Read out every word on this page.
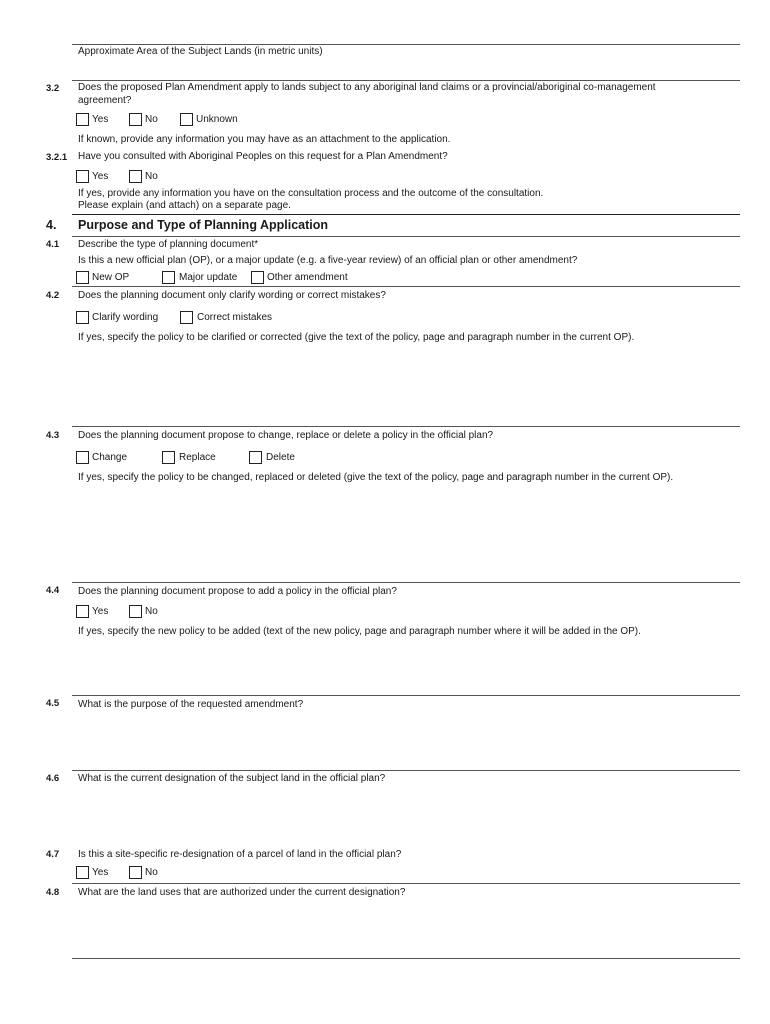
Approximate Area of the Subject Lands (in metric units)
3.2 Does the proposed Plan Amendment apply to lands subject to any aboriginal land claims or a provincial/aboriginal co-management
agreement?
Yes	No	Unknown
If known, provide any information you may have as an attachment to the application.
3.2.1 Have you consulted with Aboriginal Peoples on this request for a Plan Amendment?
Yes	No
If yes, provide any information you have on the consultation process and the outcome of the consultation.
Please explain (and attach) on a separate page.
4. Purpose and Type of Planning Application
4.1 Describe the type of planning document*
Is this a new official plan (OP), or a major update (e.g. a five-year review) of an official plan or other amendment?
New OP	Major update	Other amendment
4.2 Does the planning document only clarify wording or correct mistakes?
Clarify wording	Correct mistakes
If yes, specify the policy to be clarified or corrected (give the text of the policy, page and paragraph number in the current OP).
4.3 Does the planning document propose to change, replace or delete a policy in the official plan?
Change	Replace	Delete
If yes, specify the policy to be changed, replaced or deleted (give the text of the policy, page and paragraph number in the current OP).
4.4 Does the planning document propose to add a policy in the official plan?
Yes	No
If yes, specify the new policy to be added (text of the new policy, page and paragraph number where it will be added in the OP).
4.5 What is the purpose of the requested amendment?
4.6 What is the current designation of the subject land in the official plan?
4.7 Is this a site-specific re-designation of a parcel of land in the official plan?
Yes	No
4.8 What are the land uses that are authorized under the current designation?
